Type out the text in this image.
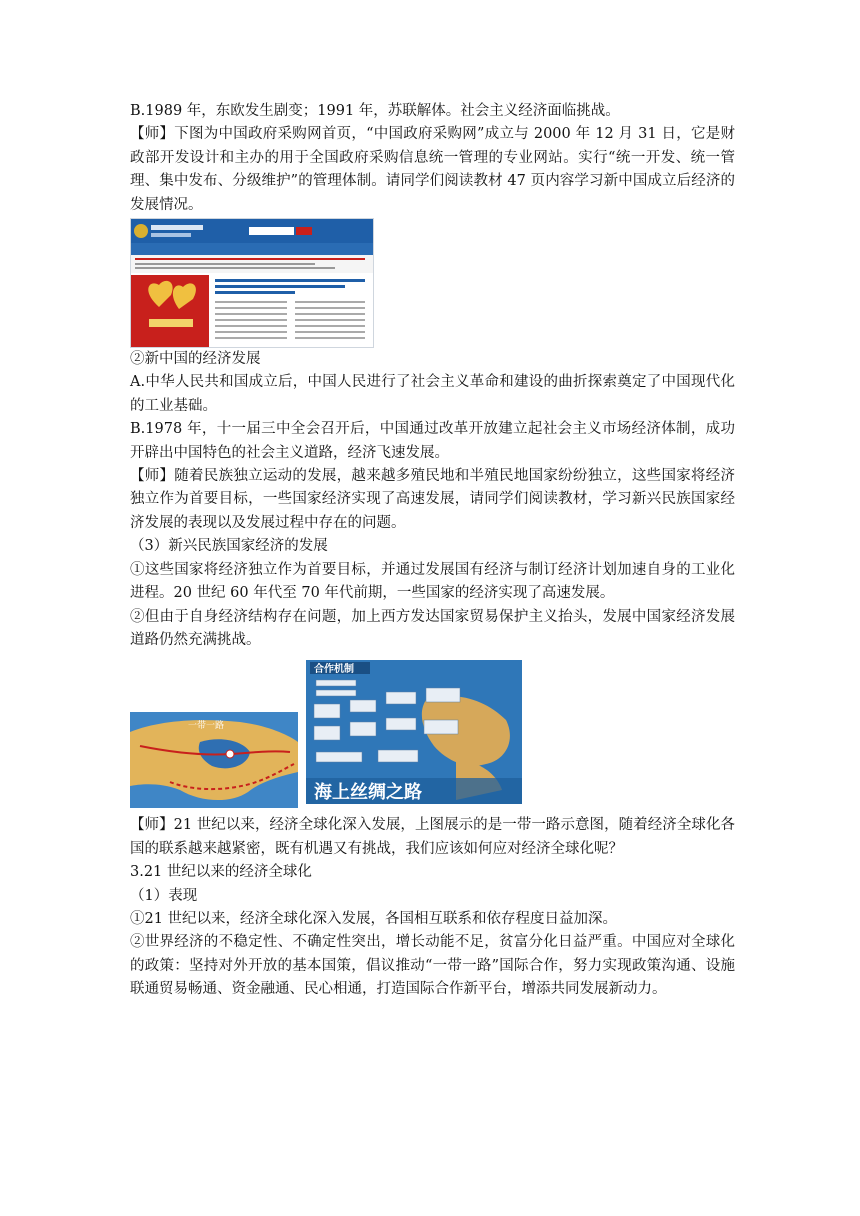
B.1989 年，东欧发生剧变；1991 年，苏联解体。社会主义经济面临挑战。

【师】下图为中国政府采购网首页，“中国政府采购网”成立与 2000 年 12 月 31 日，它是财政部开发设计和主办的用于全国政府采购信息统一管理的专业网站。实行“统一开发、统一管理、集中发布、分级维护”的管理体制。请同学们阅读教材 47 页内容学习新中国成立后经济的发展情况。

②新中国的经济发展

A.中华人民共和国成立后，中国人民进行了社会主义革命和建设的曲折探索奠定了中国现代化的工业基础。

B.1978 年，十一届三中全会召开后，中国通过改革开放建立起社会主义市场经济体制，成功开辟出中国特色的社会主义道路，经济飞速发展。

【师】随着民族独立运动的发展，越来越多殖民地和半殖民地国家纷纷独立，这些国家将经济独立作为首要目标，一些国家经济实现了高速发展，请同学们阅读教材，学习新兴民族国家经济发展的表现以及发展过程中存在的问题。

（3）新兴民族国家经济的发展

①这些国家将经济独立作为首要目标，并通过发展国有经济与制订经济计划加速自身的工业化进程。20 世纪 60 年代至 70 年代前期，一些国家的经济实现了高速发展。

②但由于自身经济结构存在问题，加上西方发达国家贸易保护主义抬头，发展中国家经济发展道路仍然充满挑战。

一带一路
合作机制
海上丝绸之路

【师】21 世纪以来，经济全球化深入发展，上图展示的是一带一路示意图，随着经济全球化各国的联系越来越紧密，既有机遇又有挑战，我们应该如何应对经济全球化呢？

3.21 世纪以来的经济全球化

（1）表现

①21 世纪以来，经济全球化深入发展，各国相互联系和依存程度日益加深。

②世界经济的不稳定性、不确定性突出，增长动能不足，贫富分化日益严重。中国应对全球化的政策：坚持对外开放的基本国策，倡议推动“一带一路”国际合作，努力实现政策沟通、设施联通贸易畅通、资金融通、民心相通，打造国际合作新平台，增添共同发展新动力。
